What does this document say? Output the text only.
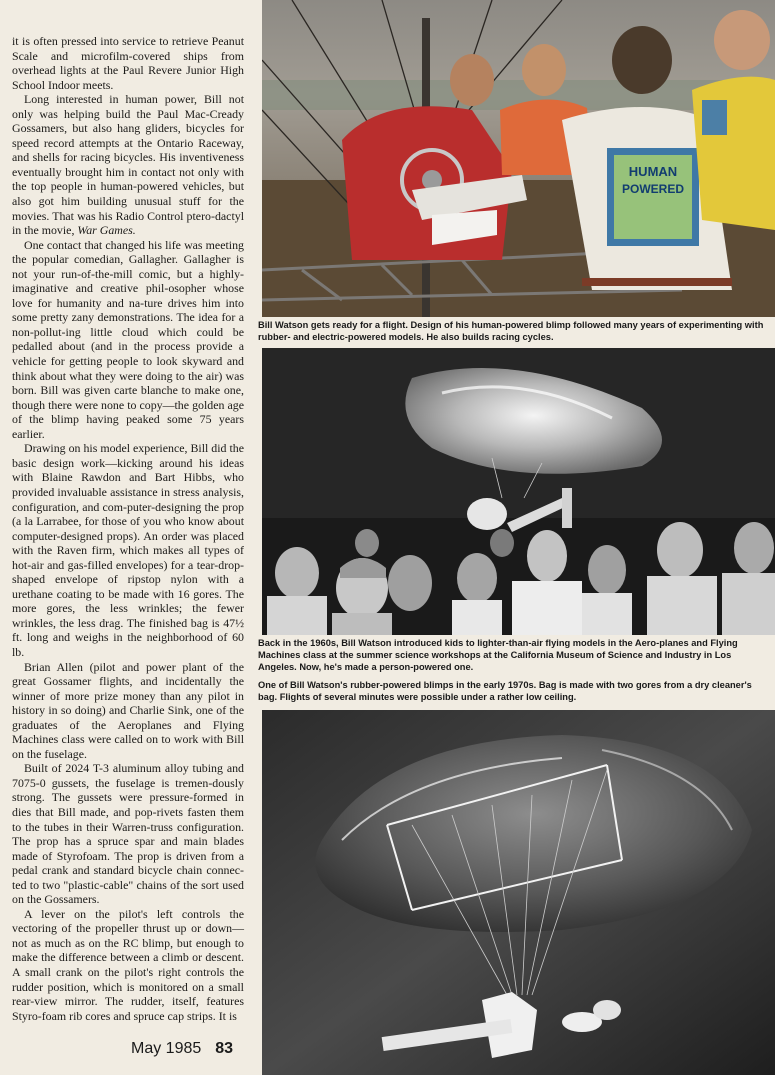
it is often pressed into service to retrieve Peanut Scale and microfilm-covered ships from overhead lights at the Paul Revere Junior High School Indoor meets.

Long interested in human power, Bill not only was helping build the Paul Mac-Cready Gossamers, but also hang gliders, bicycles for speed record attempts at the Ontario Raceway, and shells for racing bicycles. His inventiveness eventually brought him in contact not only with the top people in human-powered vehicles, but also got him building unusual stuff for the movies. That was his Radio Control ptero-dactyl in the movie, War Games.

One contact that changed his life was meeting the popular comedian, Gallagher. Gallagher is not your run-of-the-mill comic, but a highly-imaginative and creative phil-osopher whose love for humanity and na-ture drives him into some pretty zany demonstrations. The idea for a non-pollut-ing little cloud which could be pedalled about (and in the process provide a vehicle for getting people to look skyward and think about what they were doing to the air) was born. Bill was given carte blanche to make one, though there were none to copy—the golden age of the blimp having peaked some 75 years earlier.

Drawing on his model experience, Bill did the basic design work—kicking around his ideas with Blaine Rawdon and Bart Hibbs, who provided invaluable assistance in stress analysis, configuration, and com-puter-designing the prop (a la Larrabee, for those of you who know about computer-designed props). An order was placed with the Raven firm, which makes all types of hot-air and gas-filled envelopes) for a tear-drop-shaped envelope of ripstop nylon with a urethane coating to be made with 16 gores. The more gores, the less wrinkles; the fewer wrinkles, the less drag. The finished bag is 47½ ft. long and weighs in the neighborhood of 60 lb.

Brian Allen (pilot and power plant of the great Gossamer flights, and incidentally the winner of more prize money than any pilot in history in so doing) and Charlie Sink, one of the graduates of the Aeroplanes and Flying Machines class were called on to work with Bill on the fuselage.

Built of 2024 T-3 aluminum alloy tubing and 7075-0 gussets, the fuselage is tremen-dously strong. The gussets were pressure-formed in dies that Bill made, and pop-rivets fasten them to the tubes in their Warren-truss configuration. The prop has a spruce spar and main blades made of Styrofoam. The prop is driven from a pedal crank and standard bicycle chain connec-ted to two "plastic-cable" chains of the sort used on the Gossamers.

A lever on the pilot's left controls the vectoring of the propeller thrust up or down—not as much as on the RC blimp, but enough to make the difference between a climb or descent. A small crank on the pilot's right controls the rudder position, which is monitored on a small rear-view mirror. The rudder, itself, features Styro-foam rib cores and spruce cap strips. It is

HUMAN
POWERED
Bill Watson gets ready for a flight. Design of his human-powered blimp followed many years of experimenting with rubber- and electric-powered models. He also builds racing cycles.
Back in the 1960s, Bill Watson introduced kids to lighter-than-air flying models in the Aero-planes and Flying Machines class at the summer science workshops at the California Museum of Science and Industry in Los Angeles. Now, he's made a person-powered one.
One of Bill Watson's rubber-powered blimps in the early 1970s. Bag is made with two gores from a dry cleaner's bag. Flights of several minutes were possible under a rather low ceiling.
May 1985 83
